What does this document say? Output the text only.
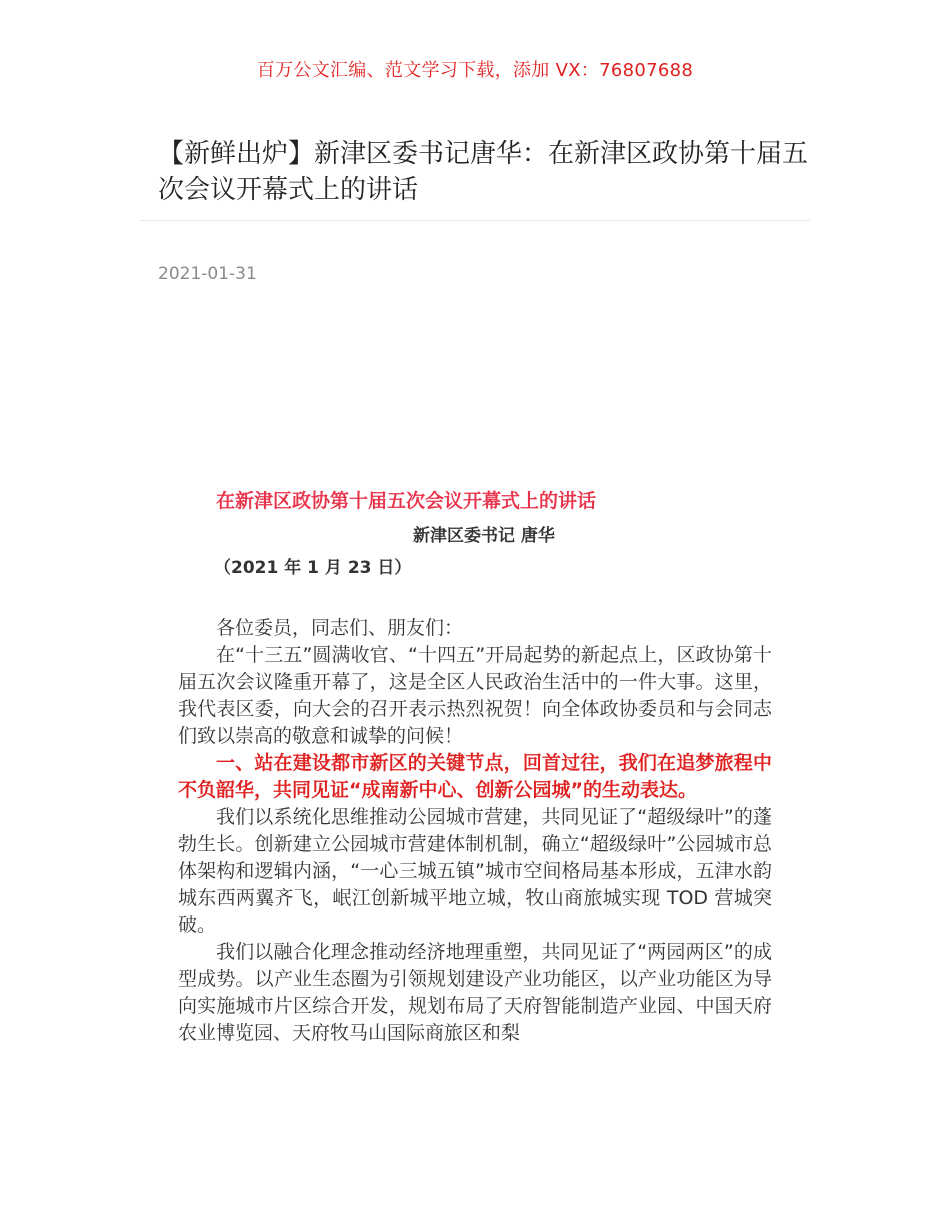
百万公文汇编、范文学习下载，添加 VX：76807688
【新鲜出炉】新津区委书记唐华：在新津区政协第十届五次会议开幕式上的讲话
2021-01-31
在新津区政协第十届五次会议开幕式上的讲话
新津区委书记 唐华
（2021 年 1 月 23 日）

各位委员，同志们、朋友们：

在“十三五”圆满收官、“十四五”开局起势的新起点上，区政协第十届五次会议隆重开幕了，这是全区人民政治生活中的一件大事。这里，我代表区委，向大会的召开表示热烈祝贺！向全体政协委员和与会同志们致以崇高的敬意和诚挚的问候！

一、站在建设都市新区的关键节点，回首过往，我们在追梦旅程中不负韶华，共同见证“成南新中心、创新公园城”的生动表达。

我们以系统化思维推动公园城市营建，共同见证了“超级绿叶”的蓬勃生长。创新建立公园城市营建体制机制，确立“超级绿叶”公园城市总体架构和逻辑内涵，“一心三城五镇”城市空间格局基本形成，五津水韵城东西两翼齐飞，岷江创新城平地立城，牧山商旅城实现 TOD 营城突破。

我们以融合化理念推动经济地理重塑，共同见证了“两园两区”的成型成势。以产业生态圈为引领规划建设产业功能区，以产业功能区为导向实施城市片区综合开发，规划布局了天府智能制造产业园、中国天府农业博览园、天府牧马山国际商旅区和梨
